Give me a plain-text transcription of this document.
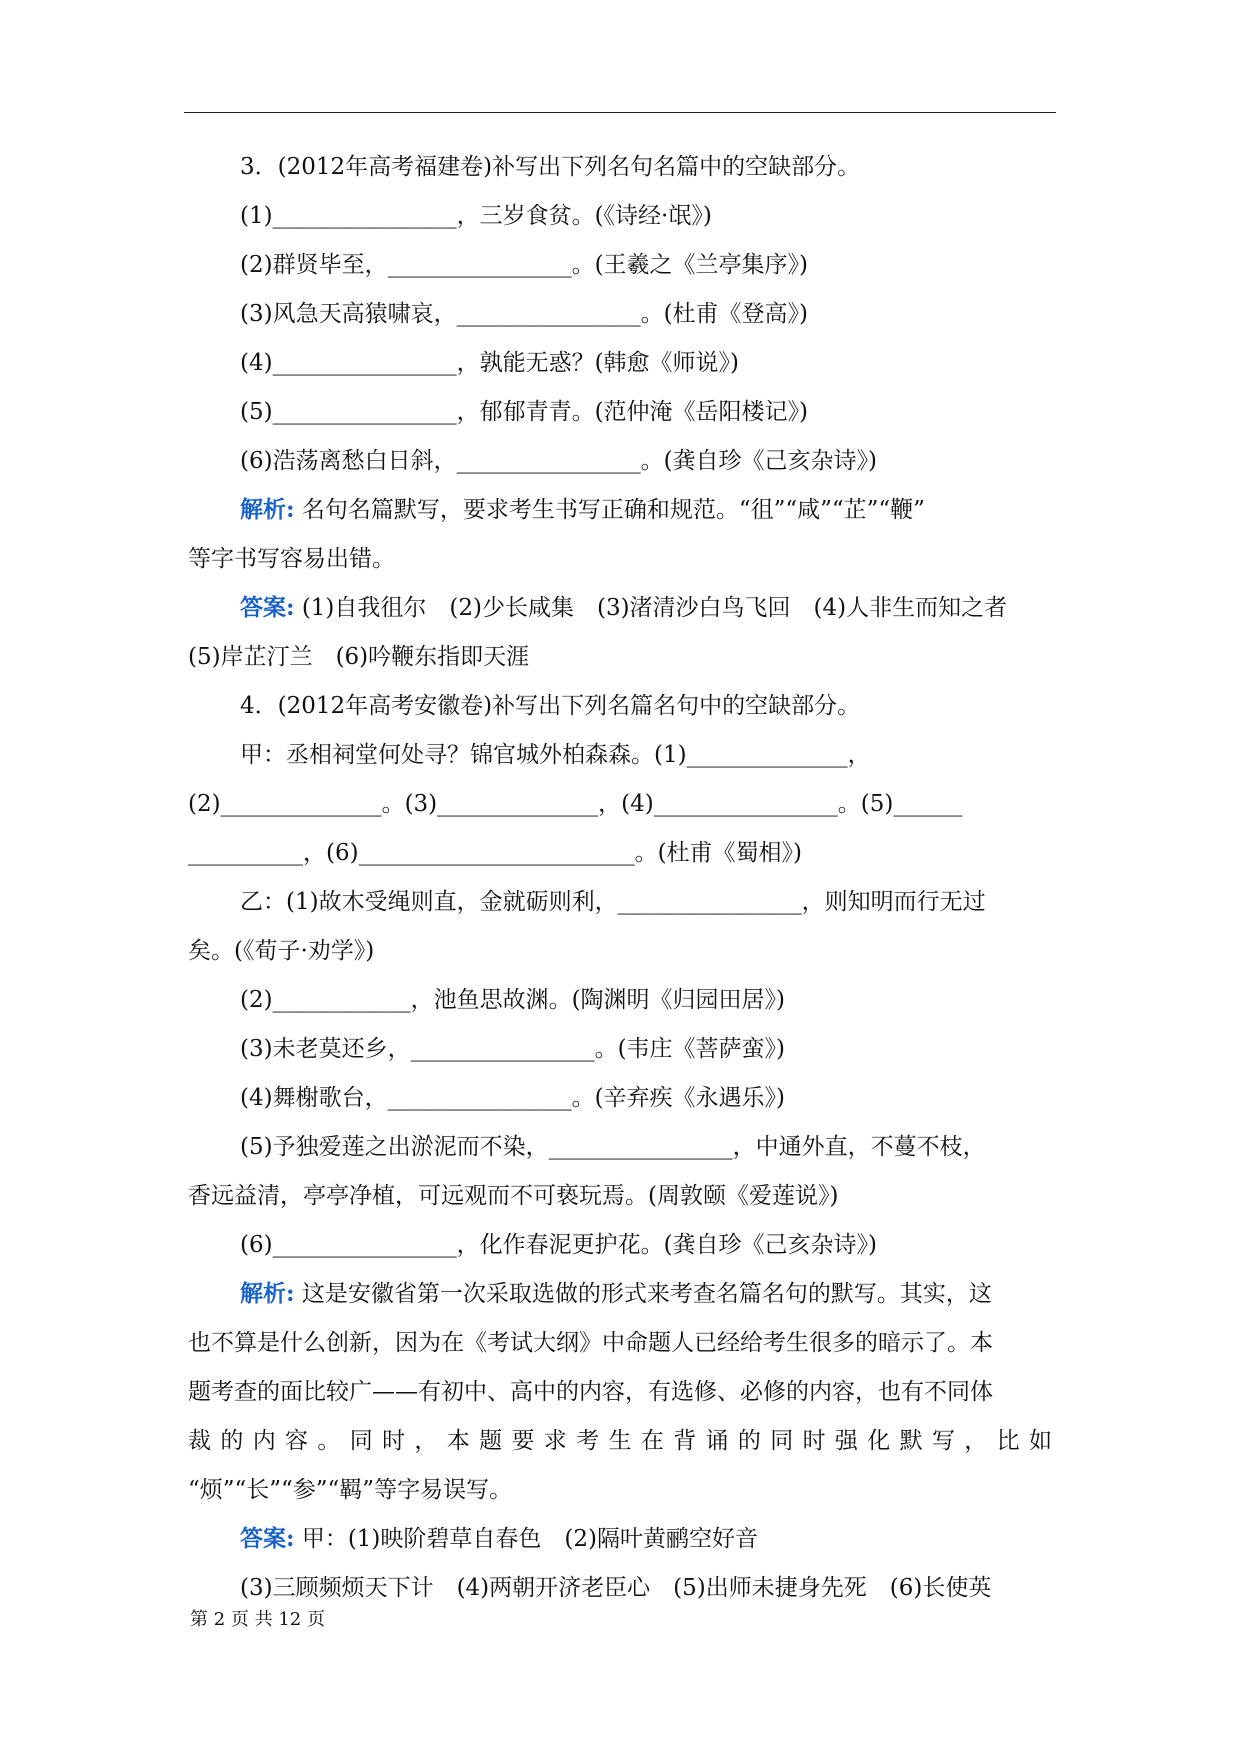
3．(2012年高考福建卷)补写出下列名句名篇中的空缺部分。
(1)________________，三岁食贫。(《诗经·氓》)
(2)群贤毕至，________________。(王羲之《兰亭集序》)
(3)风急天高猿啸哀，________________。(杜甫《登高》)
(4)________________，孰能无惑？(韩愈《师说》)
(5)________________，郁郁青青。(范仲淹《岳阳楼记》)
(6)浩荡离愁白日斜，________________。(龚自珍《己亥杂诗》)
解析: 名句名篇默写，要求考生书写正确和规范。“徂”“咸”“芷”“鞭”
等字书写容易出错。
答案: (1)自我徂尔　(2)少长咸集　(3)渚清沙白鸟飞回　(4)人非生而知之者
(5)岸芷汀兰　(6)吟鞭东指即天涯
4．(2012年高考安徽卷)补写出下列名篇名句中的空缺部分。
甲：丞相祠堂何处寻？锦官城外柏森森。(1)______________，
(2)______________。(3)______________，(4)________________。(5)______
__________，(6)________________________。(杜甫《蜀相》)
乙：(1)故木受绳则直，金就砺则利，________________，则知明而行无过
矣。(《荀子·劝学》)
(2)____________，池鱼思故渊。(陶渊明《归园田居》)
(3)未老莫还乡，________________。(韦庄《菩萨蛮》)
(4)舞榭歌台，________________。(辛弃疾《永遇乐》)
(5)予独爱莲之出淤泥而不染，________________，中通外直，不蔓不枝，
香远益清，亭亭净植，可远观而不可亵玩焉。(周敦颐《爱莲说》)
(6)________________，化作春泥更护花。(龚自珍《己亥杂诗》)
解析: 这是安徽省第一次采取选做的形式来考查名篇名句的默写。其实，这
也不算是什么创新，因为在《考试大纲》中命题人已经给考生很多的暗示了。本
题考查的面比较广——有初中、高中的内容，有选修、必修的内容，也有不同体
裁的内容。同时，本题要求考生在背诵的同时强化默写，比如
“烦”“长”“参”“羁”等字易误写。
答案: 甲：(1)映阶碧草自春色　(2)隔叶黄鹂空好音
(3)三顾频烦天下计　(4)两朝开济老臣心　(5)出师未捷身先死　(6)长使英
第 2 页 共 12 页
